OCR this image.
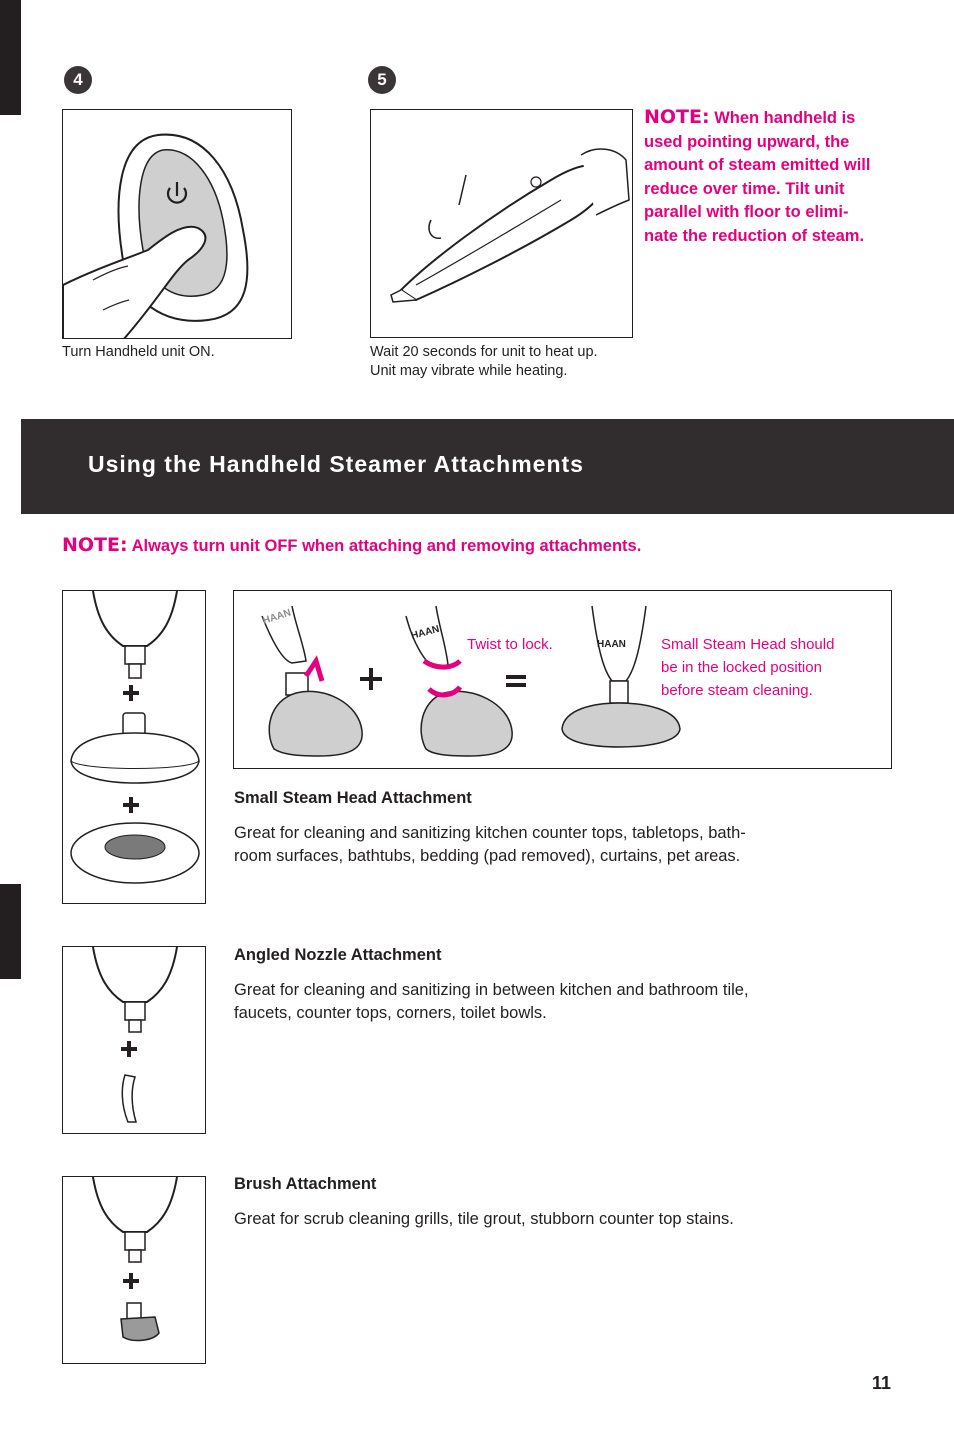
4
Turn Handheld unit ON.
5
Wait 20 seconds for unit to heat up.
Unit may vibrate while heating.
NOTE: When handheld is
used pointing upward, the
amount of steam emitted will
reduce over time. Tilt unit
parallel with floor to elimi-
nate the reduction of steam.
Using the Handheld Steamer Attachments
NOTE: Always turn unit OFF when attaching and removing attachments.
HAAN
HAAN
Twist to lock.	HAAN Small Steam Head should
be in the locked position
before steam cleaning.
Small Steam Head Attachment
Great for cleaning and sanitizing kitchen counter tops, tabletops, bath-
room surfaces, bathtubs, bedding (pad removed), curtains, pet areas.
Angled Nozzle Attachment
Great for cleaning and sanitizing in between kitchen and bathroom tile,
faucets, counter tops, corners, toilet bowls.
Brush Attachment
Great for scrub cleaning grills, tile grout, stubborn counter top stains.
11
